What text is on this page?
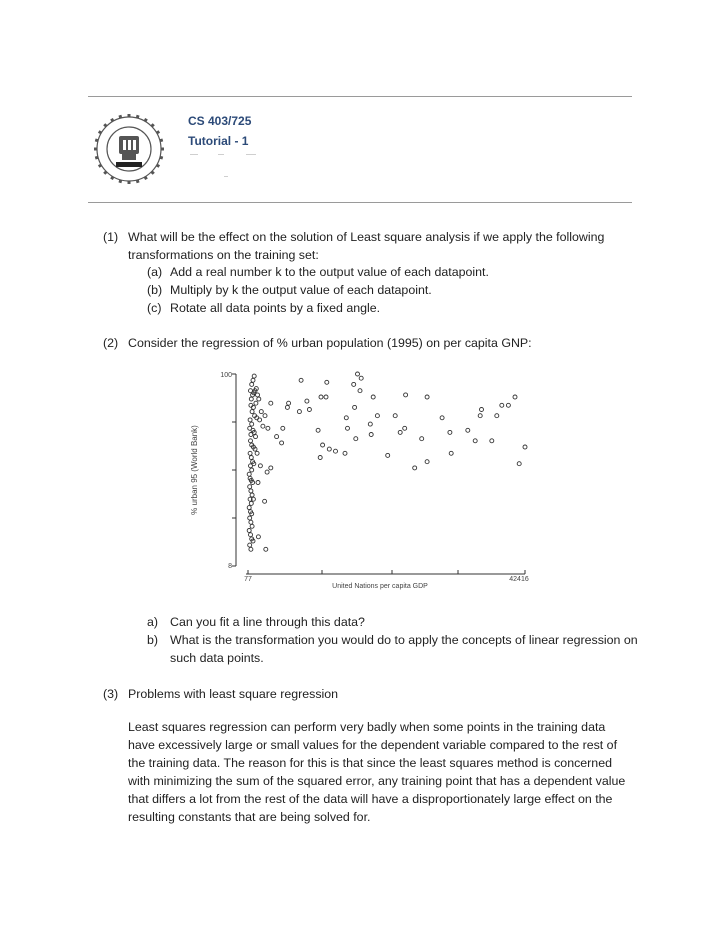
CS 403/725
Tutorial - 1
(1) What will be the effect on the solution of Least square analysis if we apply the following transformations on the training set:
(a) Add a real number k to the output value of each datapoint.
(b) Multiply by k the output value of each datapoint.
(c) Rotate all data points by a fixed angle.
(2) Consider the regression of % urban population (1995) on per capita GNP:
% urban 95 (World Bank)
United Nations per capita GDP
100
8
77	42416
a) Can you fit a line through this data?
b) What is the transformation you would do to apply the concepts of linear regression on such data points.
(3) Problems with least square regression

Least squares regression can perform very badly when some points in the training data have excessively large or small values for the dependent variable compared to the rest of the training data. The reason for this is that since the least squares method is concerned with minimizing the sum of the squared error, any training point that has a dependent value that differs a lot from the rest of the data will have a disproportionately large effect on the resulting constants that are being solved for.
